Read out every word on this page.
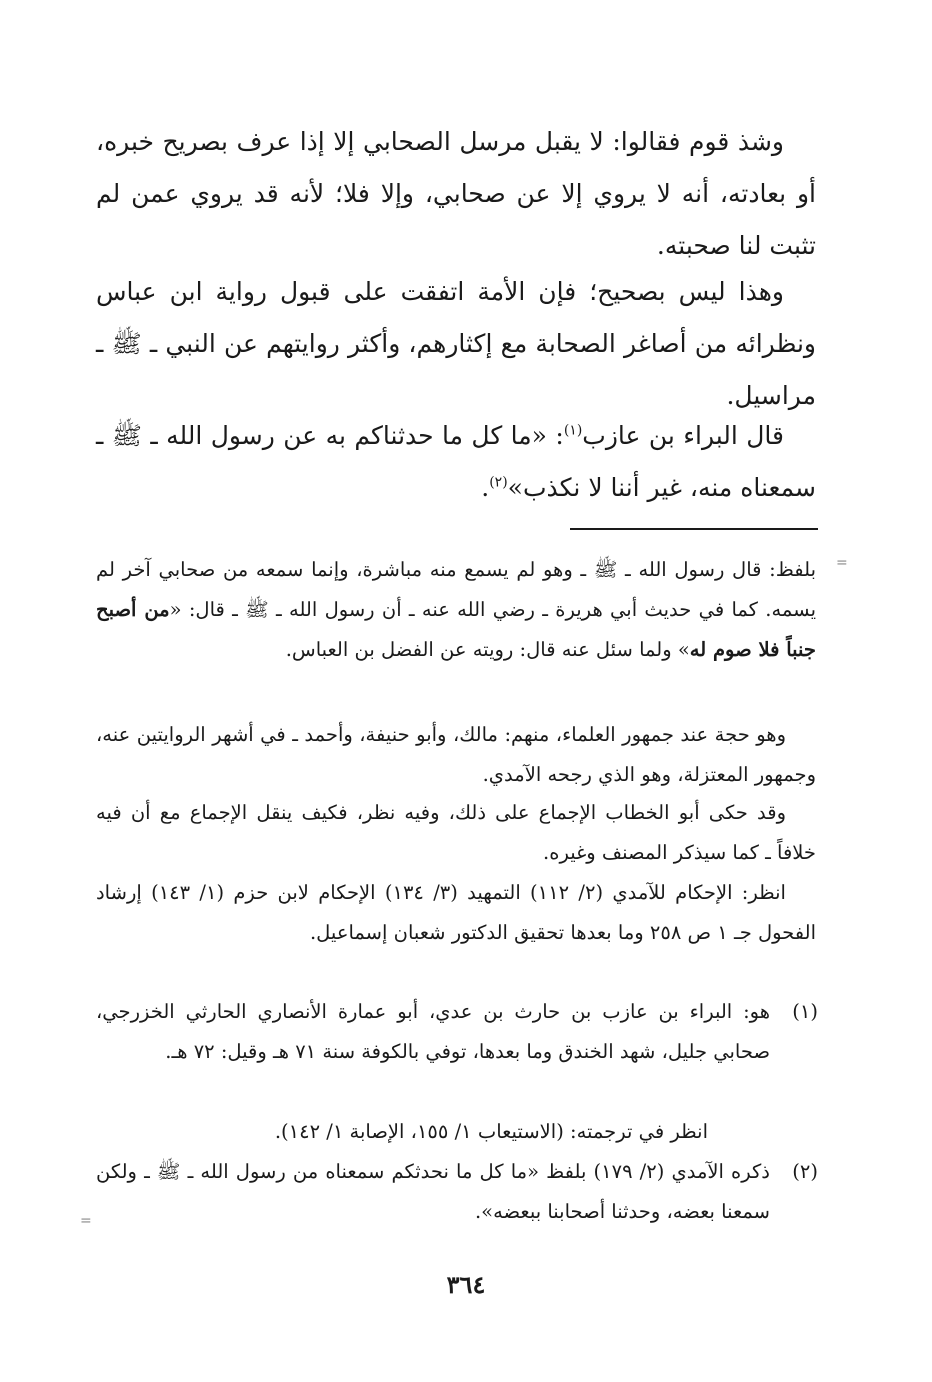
وشذ قوم فقالوا: لا يقبل مرسل الصحابي إلا إذا عرف بصريح خبره، أو بعادته، أنه لا يروي إلا عن صحابي، وإلا فلا؛ لأنه قد يروي عمن لم تثبت لنا صحبته.

وهذا ليس بصحيح؛ فإن الأمة اتفقت على قبول رواية ابن عباس ونظرائه من أصاغر الصحابة مع إكثارهم، وأكثر روايتهم عن النبي ـ ﷺ ـ مراسيل.

قال البراء بن عازب$^{(١)}$: «ما كل ما حدثناكم به عن رسول الله ـ ﷺ ـ سمعناه منه، غير أننا لا نكذب»$^{(٢)}$.

=

بلفظ: قال رسول الله ـ ﷺ ـ وهو لم يسمع منه مباشرة، وإنما سمعه من صحابي آخر لم يسمه. كما في حديث أبي هريرة ـ رضي الله عنه ـ أن رسول الله ـ ﷺ ـ قال: «من أصبح جنباً فلا صوم له» ولما سئل عنه قال: رويته عن الفضل بن العباس.

وهو حجة عند جمهور العلماء، منهم: مالك، وأبو حنيفة، وأحمد ـ في أشهر الروايتين عنه، وجمهور المعتزلة، وهو الذي رجحه الآمدي.

وقد حكى أبو الخطاب الإجماع على ذلك، وفيه نظر، فكيف ينقل الإجماع مع أن فيه خلافاً ـ كما سيذكر المصنف وغيره.

انظر: الإحكام للآمدي (٢/ ١١٢) التمهيد (٣/ ١٣٤) الإحكام لابن حزم (١/ ١٤٣) إرشاد الفحول جـ ١ ص ٢٥٨ وما بعدها تحقيق الدكتور شعبان إسماعيل.

(١)
هو: البراء بن عازب بن حارث بن عدي، أبو عمارة الأنصاري الحارثي الخزرجي، صحابي جليل، شهد الخندق وما بعدها، توفي بالكوفة سنة ٧١ هـ وقيل: ٧٢ هـ.
انظر في ترجمته: (الاستيعاب ١/ ١٥٥، الإصابة ١/ ١٤٢).
(٢)
ذكره الآمدي (٢/ ١٧٩) بلفظ «ما كل ما نحدثكم سمعناه من رسول الله ـ ﷺ ـ ولكن سمعنا بعضه، وحدثنا أصحابنا ببعضه».
=
٣٦٤
